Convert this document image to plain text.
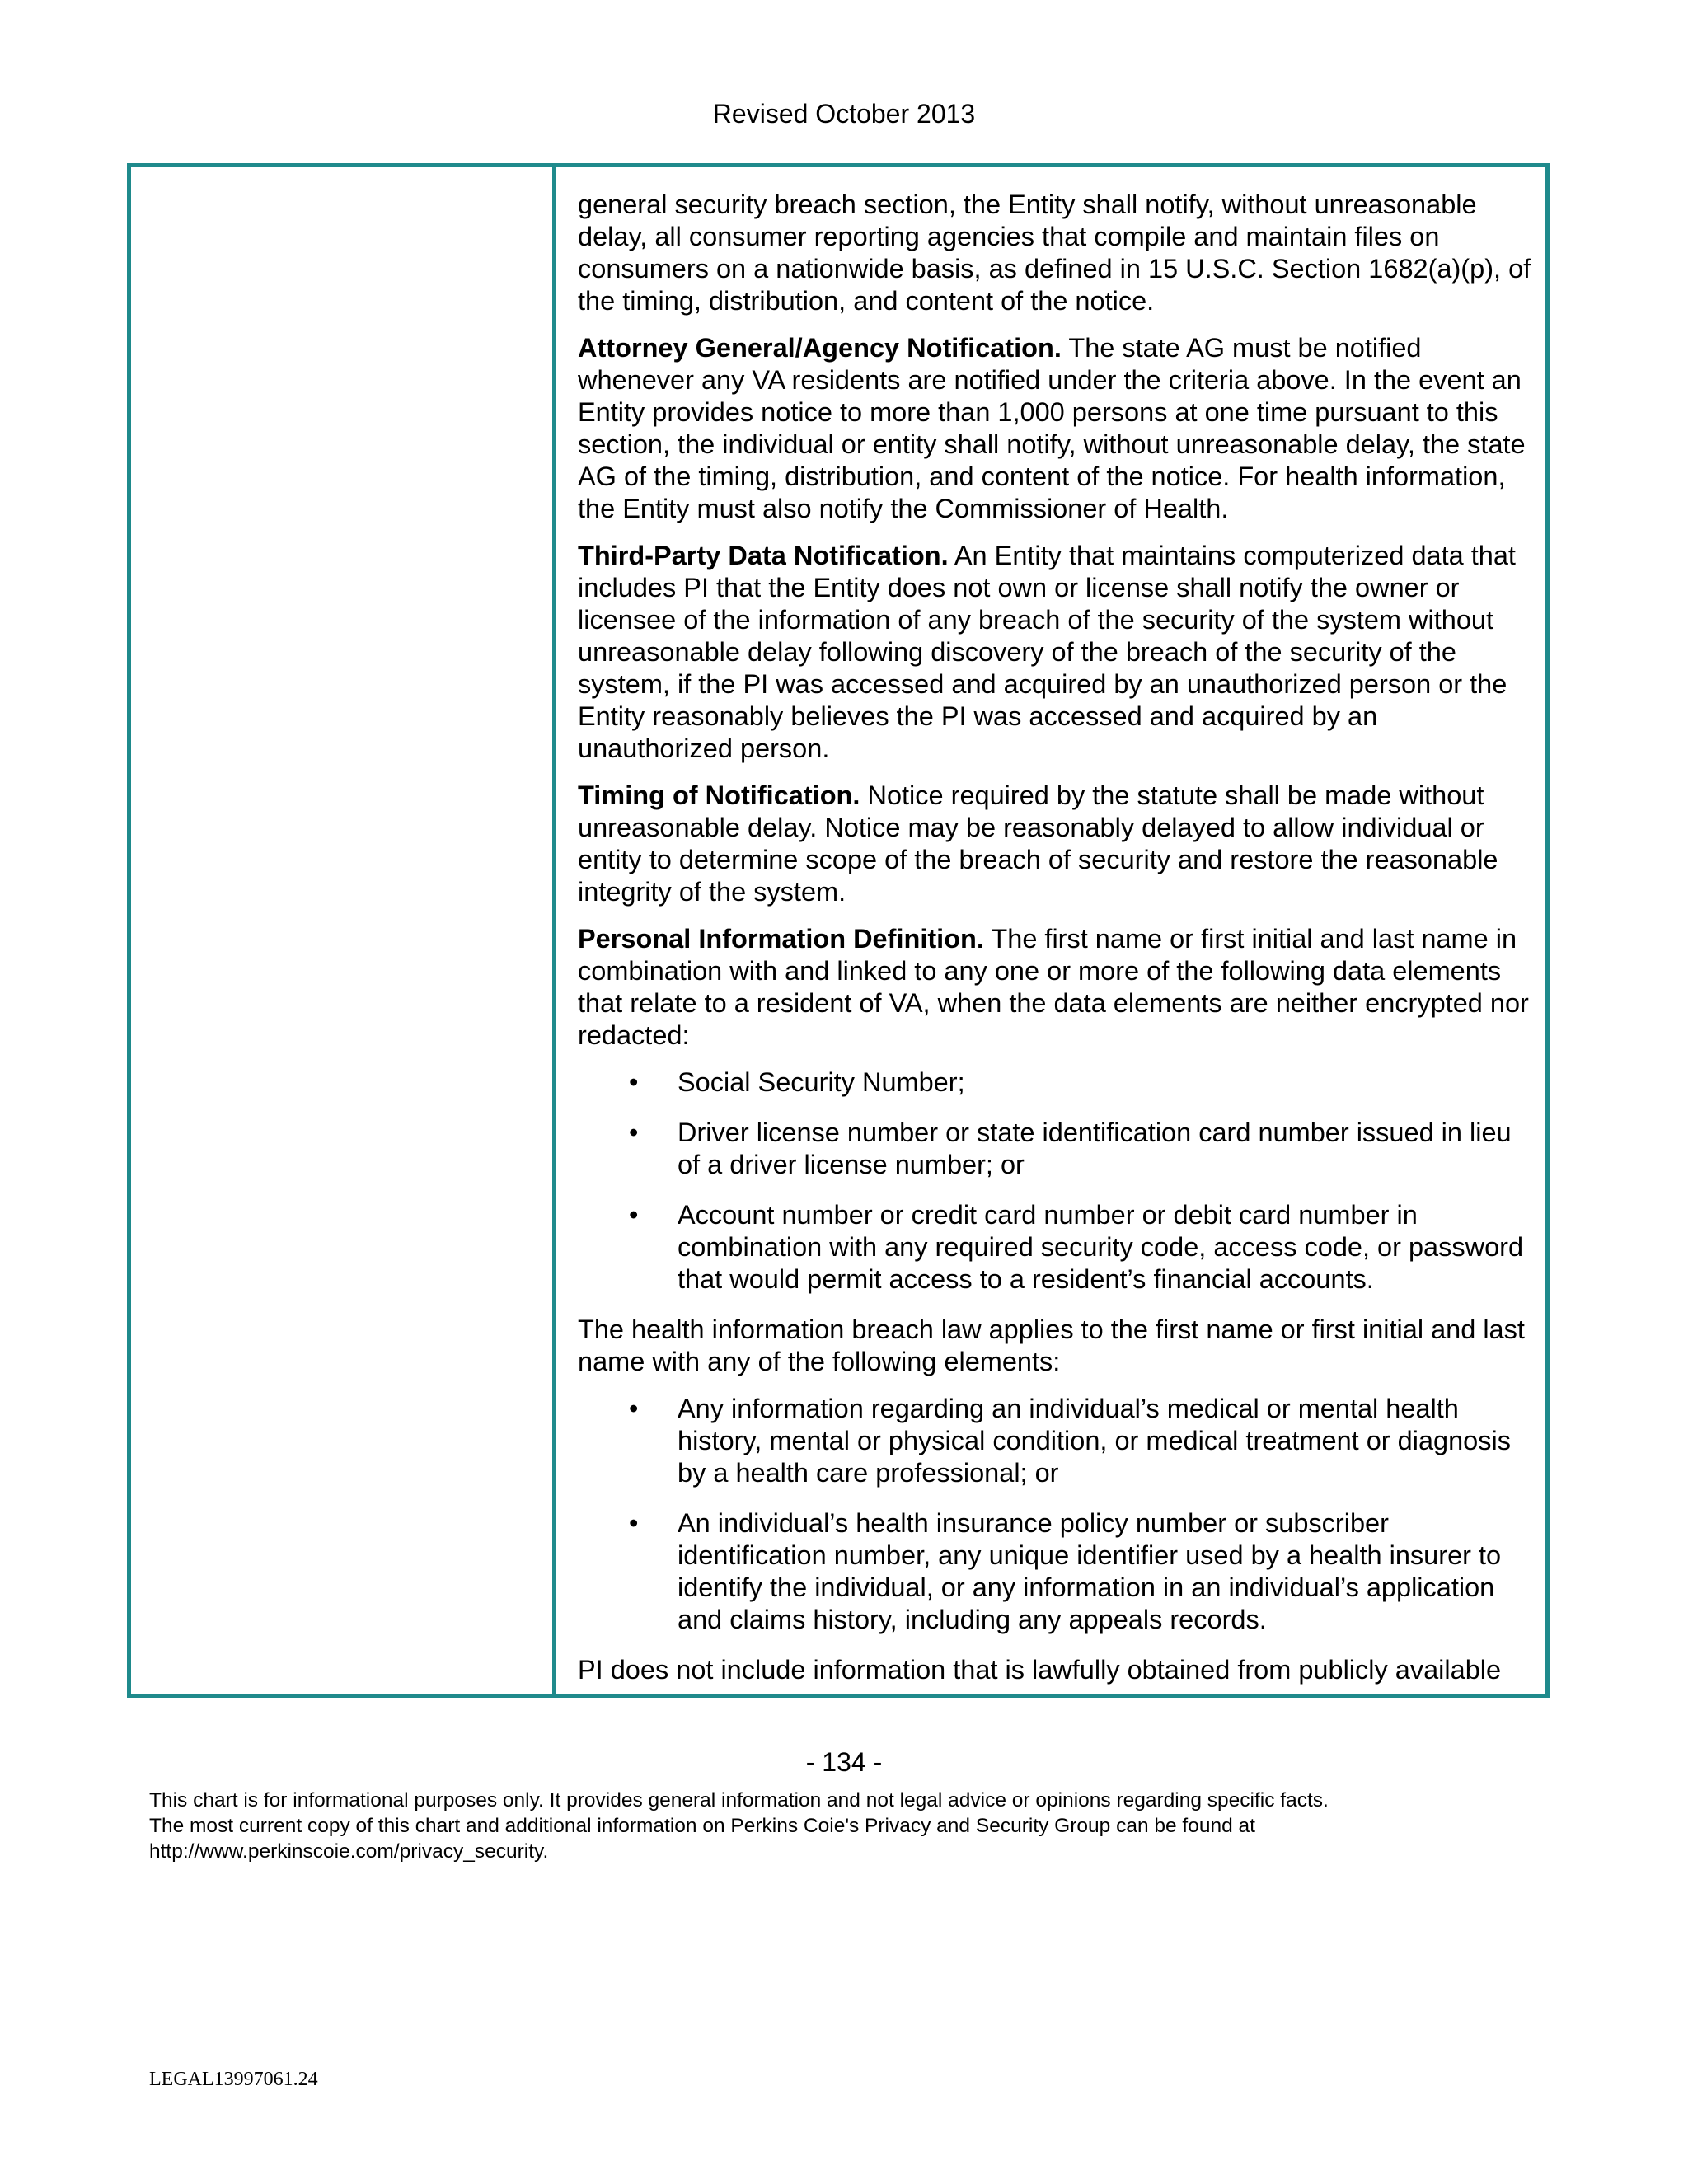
Revised October 2013

general security breach section, the Entity shall notify, without unreasonable delay, all consumer reporting agencies that compile and maintain files on consumers on a nationwide basis, as defined in 15 U.S.C. Section 1682(a)(p), of the timing, distribution, and content of the notice.

Attorney General/Agency Notification. The state AG must be notified whenever any VA residents are notified under the criteria above. In the event an Entity provides notice to more than 1,000 persons at one time pursuant to this section, the individual or entity shall notify, without unreasonable delay, the state AG of the timing, distribution, and content of the notice. For health information, the Entity must also notify the Commissioner of Health.

Third-Party Data Notification. An Entity that maintains computerized data that includes PI that the Entity does not own or license shall notify the owner or licensee of the information of any breach of the security of the system without unreasonable delay following discovery of the breach of the security of the system, if the PI was accessed and acquired by an unauthorized person or the Entity reasonably believes the PI was accessed and acquired by an unauthorized person.

Timing of Notification. Notice required by the statute shall be made without unreasonable delay. Notice may be reasonably delayed to allow individual or entity to determine scope of the breach of security and restore the reasonable integrity of the system.

Personal Information Definition. The first name or first initial and last name in combination with and linked to any one or more of the following data elements that relate to a resident of VA, when the data elements are neither encrypted nor redacted:

• Social Security Number;
• Driver license number or state identification card number issued in lieu of a driver license number; or
• Account number or credit card number or debit card number in combination with any required security code, access code, or password that would permit access to a resident’s financial accounts.

The health information breach law applies to the first name or first initial and last name with any of the following elements:

• Any information regarding an individual’s medical or mental health history, mental or physical condition, or medical treatment or diagnosis by a health care professional; or
• An individual’s health insurance policy number or subscriber identification number, any unique identifier used by a health insurer to identify the individual, or any information in an individual’s application and claims history, including any appeals records.

PI does not include information that is lawfully obtained from publicly available

- 134 -
This chart is for informational purposes only. It provides general information and not legal advice or opinions regarding specific facts.
The most current copy of this chart and additional information on Perkins Coie's Privacy and Security Group can be found at
http://www.perkinscoie.com/privacy_security.
LEGAL13997061.24
